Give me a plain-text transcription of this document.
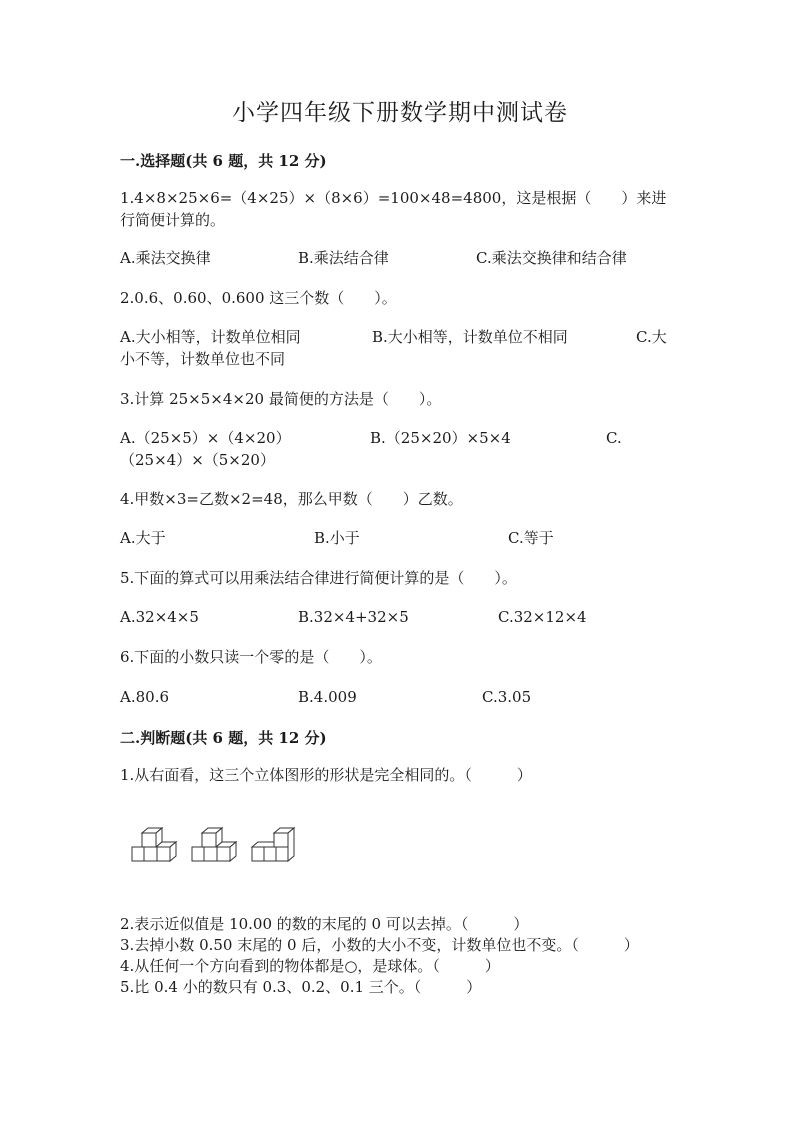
小学四年级下册数学期中测试卷
一.选择题(共 6 题，共 12 分)
1.4×8×25×6=（4×25）×（8×6）=100×48=4800，这是根据（　　）来进行简便计算的。
A.乘法交换律	B.乘法结合律	C.乘法交换律和结合律
2.0.6、0.60、0.600 这三个数（　　）。
A.大小相等，计数单位相同	B.大小相等，计数单位不相同	C.大
小不等，计数单位也不同
3.计算 25×5×4×20 最简便的方法是（　　）。
A.（25×5）×（4×20）	B.（25×20）×5×4	C.
（25×4）×（5×20）
4.甲数×3=乙数×2=48，那么甲数（　　）乙数。
A.大于	B.小于	C.等于
5.下面的算式可以用乘法结合律进行简便计算的是（　　）。
A.32×4×5	B.32×4+32×5	C.32×12×4
6.下面的小数只读一个零的是（　　）。
A.80.6	B.4.009	C.3.05
二.判断题(共 6 题，共 12 分)
1.从右面看，这三个立体图形的形状是完全相同的。（　　　）
2.表示近似值是 10.00 的数的末尾的 0 可以去掉。（　　　）
3.去掉小数 0.50 末尾的 0 后，小数的大小不变，计数单位也不变。（　　　）
4.从任何一个方向看到的物体都是○，是球体。（　　　）
5.比 0.4 小的数只有 0.3、0.2、0.1 三个。（　　　）
